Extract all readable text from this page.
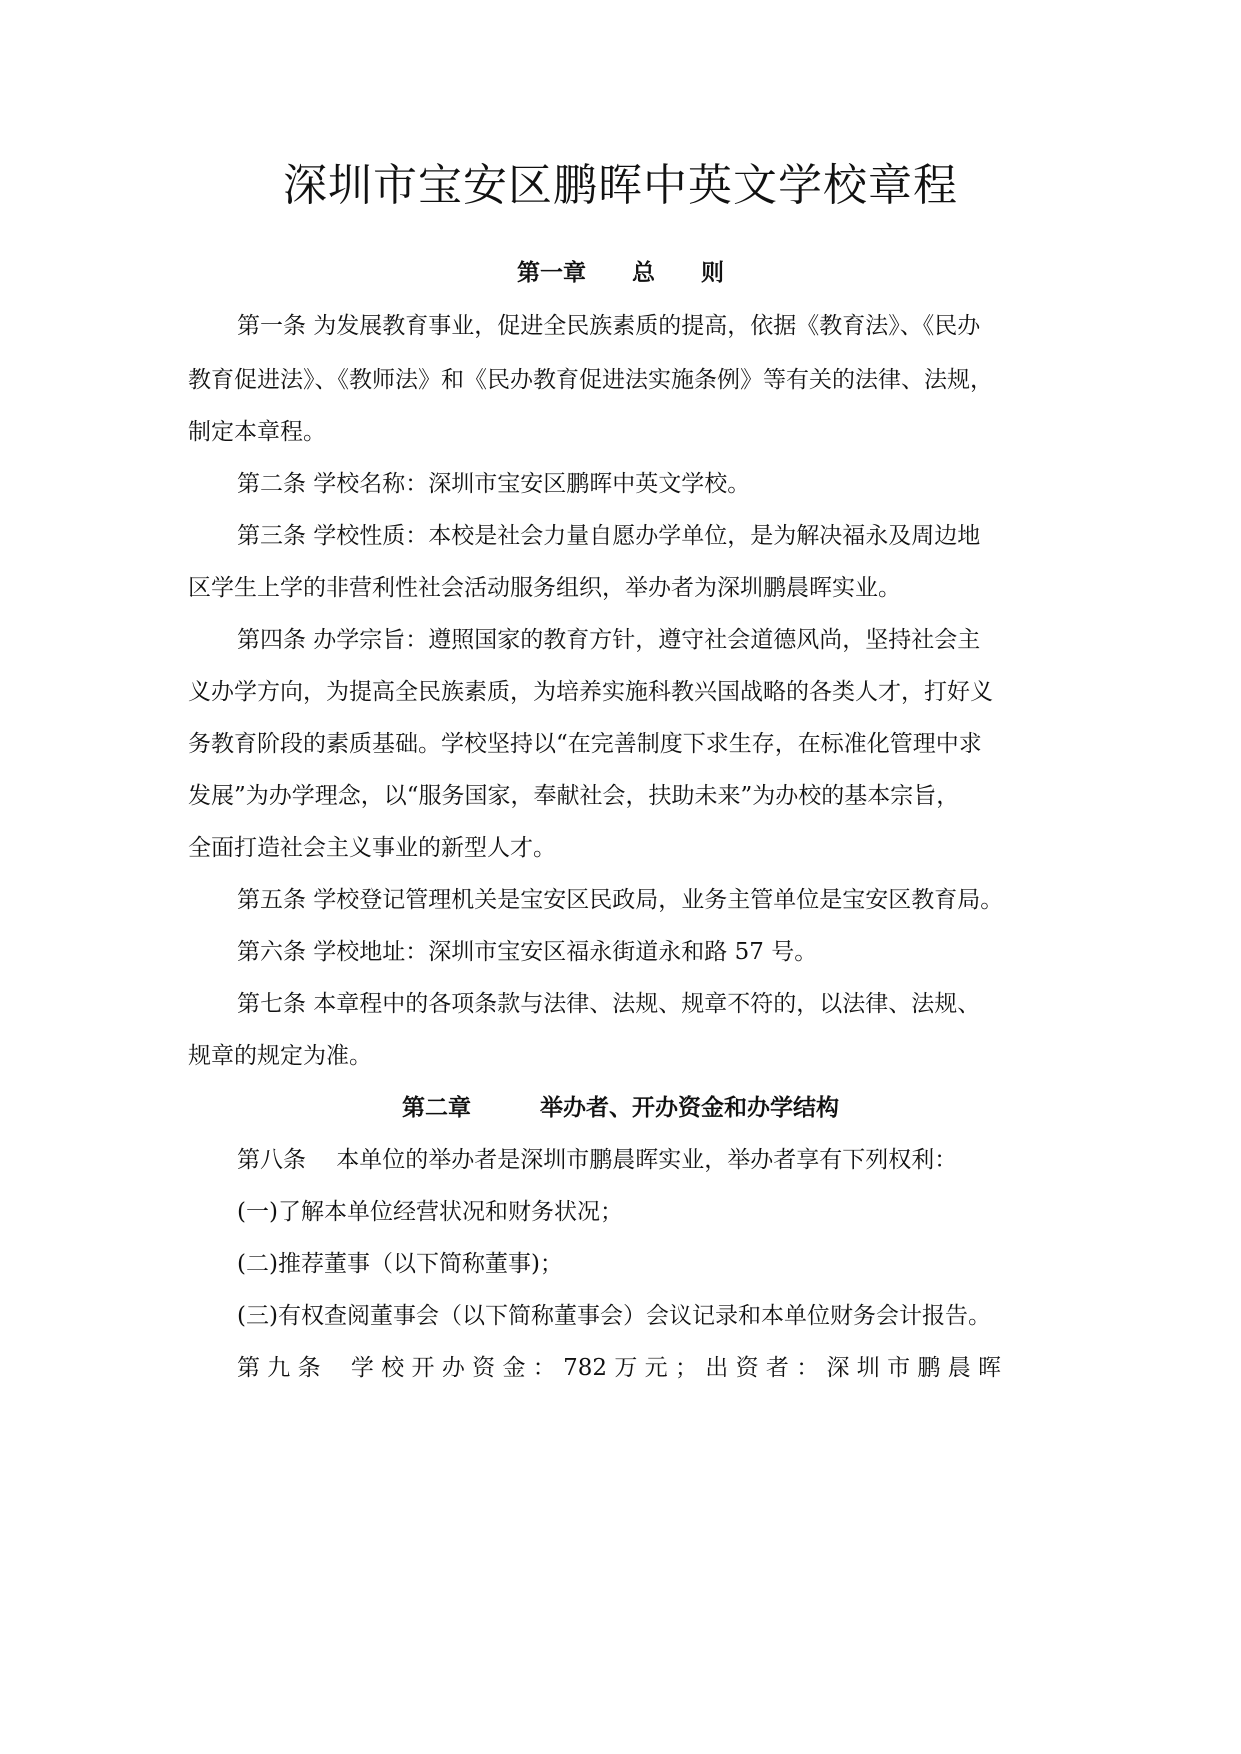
深圳市宝安区鹏晖中英文学校章程
第一章　　总　　则

第一条 为发展教育事业，促进全民族素质的提高，依据《教育法》、《民办

教育促进法》、《教师法》和《民办教育促进法实施条例》等有关的法律、法规，

制定本章程。

第二条 学校名称：深圳市宝安区鹏晖中英文学校。

第三条 学校性质：本校是社会力量自愿办学单位，是为解决福永及周边地

区学生上学的非营利性社会活动服务组织，举办者为深圳鹏晨晖实业。

第四条 办学宗旨：遵照国家的教育方针，遵守社会道德风尚，坚持社会主

义办学方向，为提高全民族素质，为培养实施科教兴国战略的各类人才，打好义

务教育阶段的素质基础。学校坚持以“在完善制度下求生存，在标准化管理中求

发展”为办学理念，以“服务国家，奉献社会，扶助未来”为办校的基本宗旨，

全面打造社会主义事业的新型人才。

第五条 学校登记管理机关是宝安区民政局，业务主管单位是宝安区教育局。

第六条 学校地址：深圳市宝安区福永街道永和路 57 号。

第七条 本章程中的各项条款与法律、法规、规章不符的，以法律、法规、

规章的规定为准。

第二章　　　举办者、开办资金和办学结构

第八条　 本单位的举办者是深圳市鹏晨晖实业，举办者享有下列权利：

(一)了解本单位经营状况和财务状况；

(二)推荐董事（以下简称董事)；

(三)有权查阅董事会（以下简称董事会）会议记录和本单位财务会计报告。

第 九 条　 学 校 开 办 资 金 ： 782 万 元 ； 出 资 者 ： 深 圳 市 鹏 晨 晖
